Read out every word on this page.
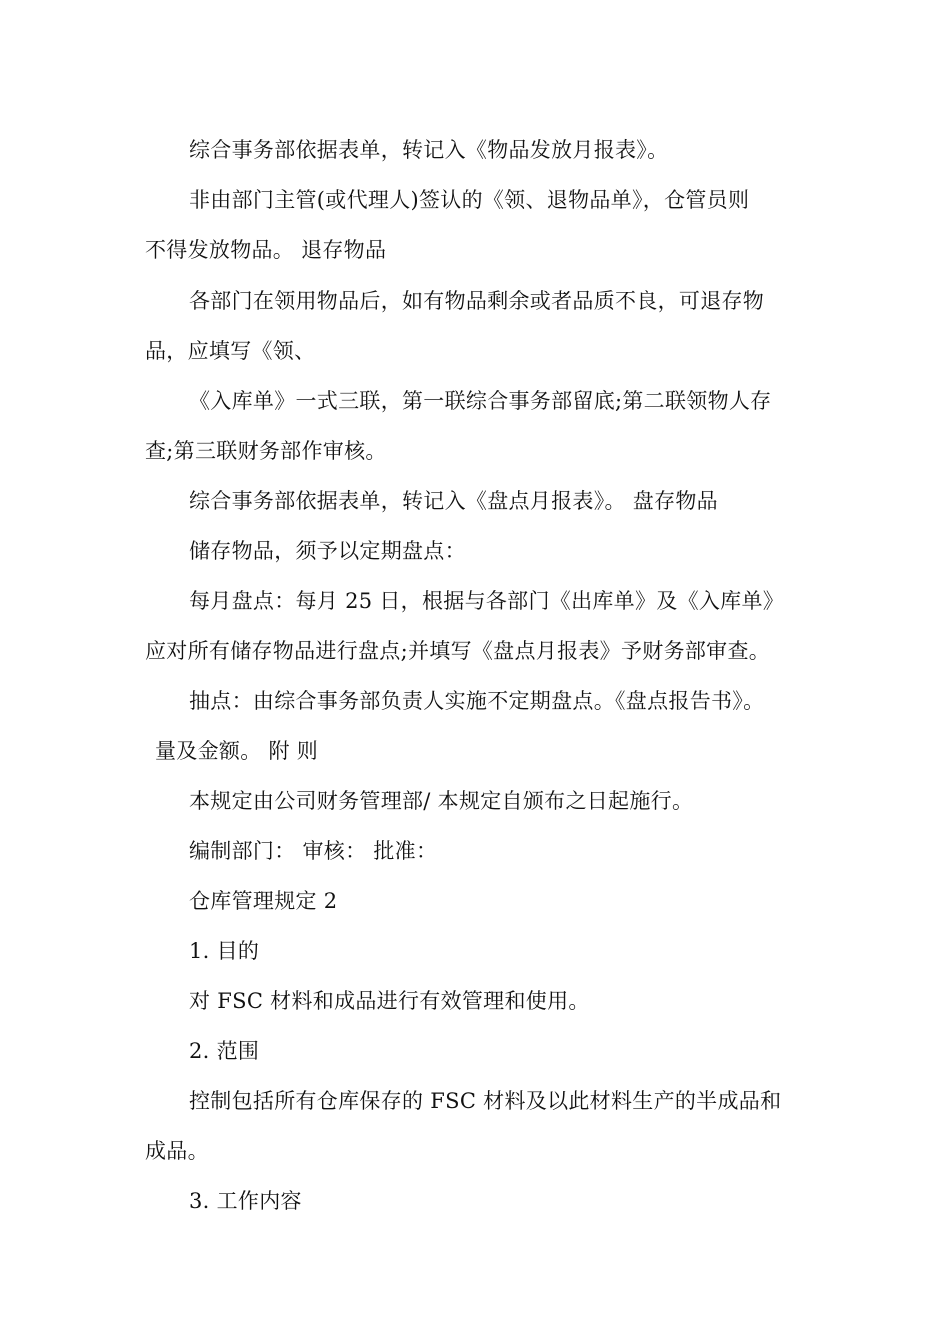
综合事务部依据表单，转记入《物品发放月报表》。
非由部门主管(或代理人)签认的《领、退物品单》，仓管员则
不得发放物品。 退存物品
各部门在领用物品后，如有物品剩余或者品质不良，可退存物
品，应填写《领、
《入库单》一式三联，第一联综合事务部留底;第二联领物人存
查;第三联财务部作审核。
综合事务部依据表单，转记入《盘点月报表》。 盘存物品
储存物品，须予以定期盘点：
每月盘点：每月 25 日，根据与各部门《出库单》及《入库单》
应对所有储存物品进行盘点;并填写《盘点月报表》予财务部审查。
抽点：由综合事务部负责人实施不定期盘点。《盘点报告书》。
量及金额。 附 则
本规定由公司财务管理部/ 本规定自颁布之日起施行。
编制部门： 审核： 批准：
仓库管理规定 2
1. 目的
对 FSC 材料和成品进行有效管理和使用。
2. 范围
控制包括所有仓库保存的 FSC 材料及以此材料生产的半成品和
成品。
3. 工作内容
